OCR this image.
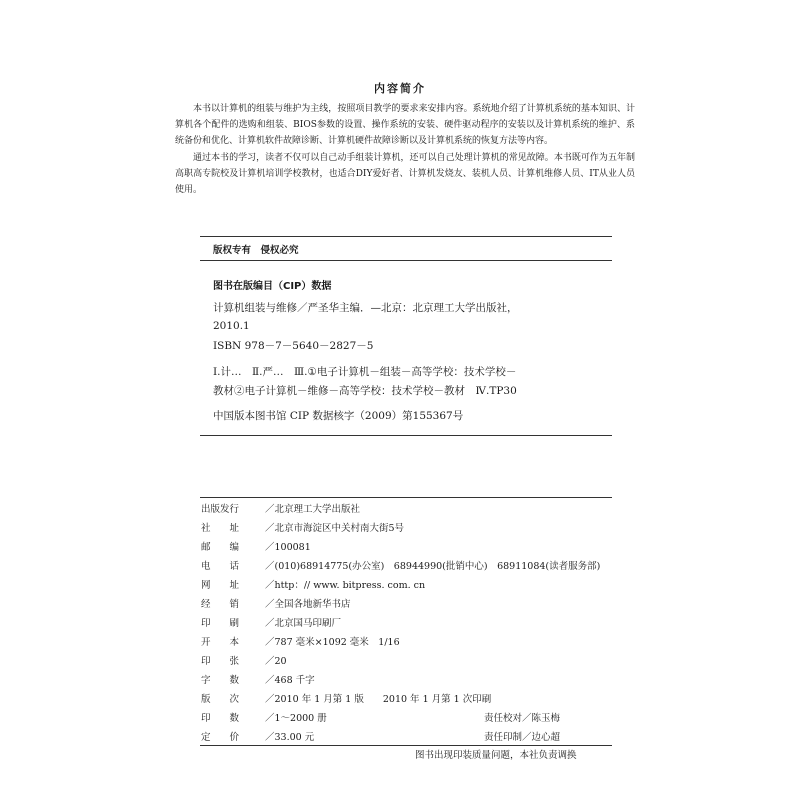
内容简介

本书以计算机的组装与维护为主线，按照项目教学的要求来安排内容。系统地介绍了计算机系统的基本知识、计算机各个配件的选购和组装、BIOS参数的设置、操作系统的安装、硬件驱动程序的安装以及计算机系统的维护、系统备份和优化、计算机软件故障诊断、计算机硬件故障诊断以及计算机系统的恢复方法等内容。

通过本书的学习，读者不仅可以自己动手组装计算机，还可以自己处理计算机的常见故障。本书既可作为五年制高职高专院校及计算机培训学校教材，也适合DIY爱好者、计算机发烧友、装机人员、计算机维修人员、IT从业人员使用。

版权专有　侵权必究
图书在版编目（CIP）数据
计算机组装与维修／严圣华主编．—北京：北京理工大学出版社，
2010.1
ISBN 978－7－5640－2827－5
Ⅰ.计…　Ⅱ.严…　Ⅲ.①电子计算机－组装－高等学校：技术学校－
教材②电子计算机－维修－高等学校：技术学校－教材　Ⅳ.TP30
中国版本图书馆 CIP 数据核字（2009）第155367号
出版发行	／北京理工大学出版社
社　　址	／北京市海淀区中关村南大街5号
邮　　编	／100081
电　　话	／(010)68914775(办公室)　68944990(批销中心)　68911084(读者服务部)
网　　址	／http：// www. bitpress. com. cn
经　　销	／全国各地新华书店
印　　刷	／北京国马印刷厂
开　　本	／787 毫米×1092 毫米　1/16
印　　张	／20
字　　数	／468 千字
版　　次	／2010 年 1 月第 1 版　　2010 年 1 月第 1 次印刷
印　　数	／1～2000 册	责任校对／陈玉梅
定　　价	／33.00 元	责任印制／边心超
图书出现印装质量问题，本社负责调换
